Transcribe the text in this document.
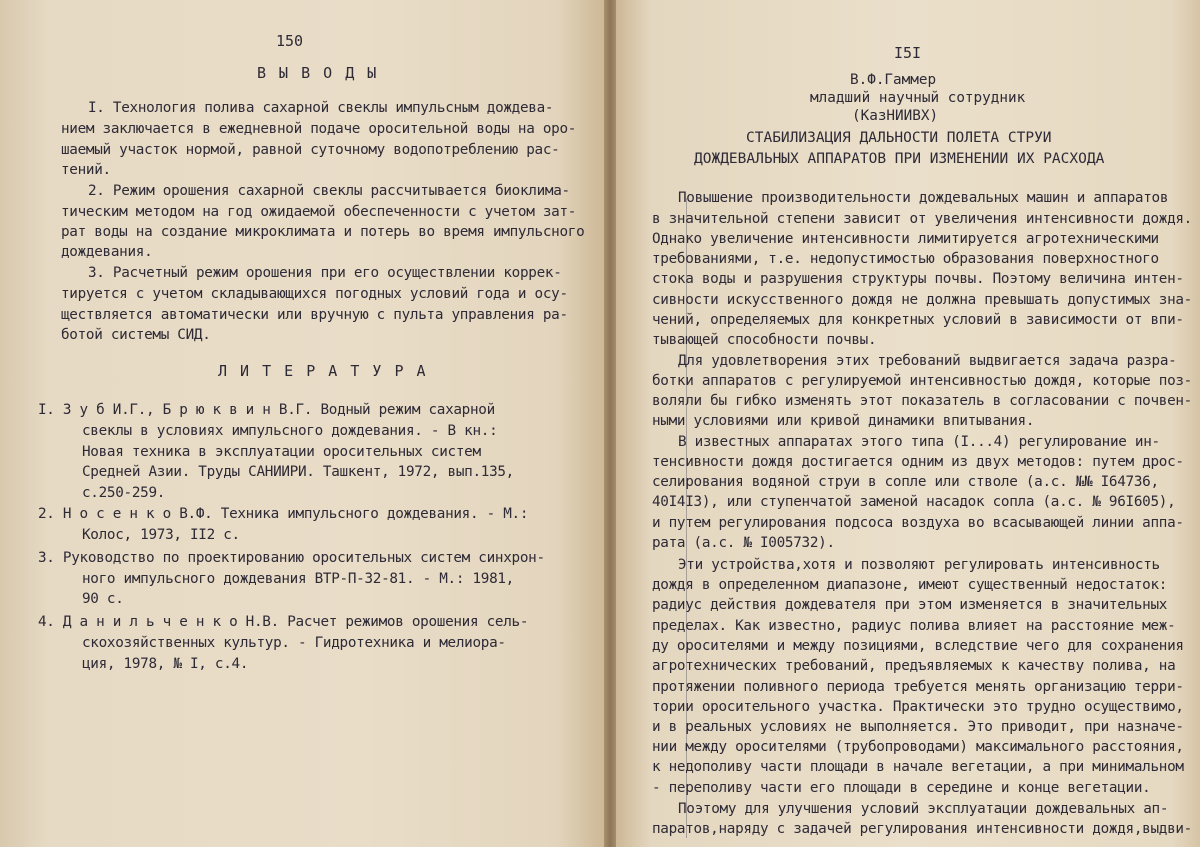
150
В Ы В О Д Ы
I. Технология полива сахарной свеклы импульсным дождева-
нием заключается в ежедневной подаче оросительной воды на оро-
шаемый участок нормой, равной суточному водопотреблению рас-
тений.
2. Режим орошения сахарной свеклы рассчитывается биоклима-
тическим методом на год ожидаемой обеспеченности с учетом зат-
рат воды на создание микроклимата и потерь во время импульсного
дождевания.
3. Расчетный режим орошения при его осуществлении коррек-
тируется с учетом складывающихся погодных условий года и осу-
ществляется автоматически или вручную с пульта управления ра-
ботой системы СИД.
Л И Т Е Р А Т У Р А
I. З у б И.Г., Б р ю к в и н В.Г. Водный режим сахарной
свеклы в условиях импульсного дождевания. - В кн.:
Новая техника в эксплуатации оросительных систем
Средней Азии. Труды САНИИРИ. Ташкент, 1972, вып.135,
с.250-259.
2. Н о с е н к о В.Ф. Техника импульсного дождевания. - М.:
Колос, 1973, II2 с.
3. Руководство по проектированию оросительных систем синхрон-
ного импульсного дождевания ВТР-П-32-81. - М.: 1981,
90 с.
4. Д а н и л ь ч е н к о Н.В. Расчет режимов орошения сель-
скохозяйственных культур. - Гидротехника и мелиора-
ция, 1978, № I, с.4.
I5I
В.Ф.Гаммер
младший научный сотрудник
(КазНИИВХ)
СТАБИЛИЗАЦИЯ ДАЛЬНОСТИ ПОЛЕТА СТРУИ
ДОЖДЕВАЛЬНЫХ АППАРАТОВ ПРИ ИЗМЕНЕНИИ ИХ РАСХОДА
Повышение производительности дождевальных машин и аппаратов
в значительной степени зависит от увеличения интенсивности дождя.
Однако увеличение интенсивности лимитируется агротехническими
требованиями, т.е. недопустимостью образования поверхностного
стока воды и разрушения структуры почвы. Поэтому величина интен-
сивности искусственного дождя не должна превышать допустимых зна-
чений, определяемых для конкретных условий в зависимости от впи-
тывающей способности почвы.
Для удовлетворения этих требований выдвигается задача разра-
ботки аппаратов с регулируемой интенсивностью дождя, которые поз-
воляли бы гибко изменять этот показатель в согласовании с почвен-
ными условиями или кривой динамики впитывания.
В известных аппаратах этого типа (I...4) регулирование ин-
тенсивности дождя достигается одним из двух методов: путем дрос-
селирования водяной струи в сопле или стволе (а.с. №№ I64736,
40I4I3), или ступенчатой заменой насадок сопла (а.с. № 96I605),
и путем регулирования подсоса воздуха во всасывающей линии аппа-
рата (а.с. № I005732).
Эти устройства,хотя и позволяют регулировать интенсивность
дождя в определенном диапазоне, имеют существенный недостаток:
радиус действия дождевателя при этом изменяется в значительных
пределах. Как известно, радиус полива влияет на расстояние меж-
ду оросителями и между позициями, вследствие чего для сохранения
агротехнических требований, предъявляемых к качеству полива, на
протяжении поливного периода требуется менять организацию терри-
тории оросительного участка. Практически это трудно осуществимо,
и в реальных условиях не выполняется. Это приводит, при назначе-
нии между оросителями (трубопроводами) максимального расстояния,
к недополиву части площади в начале вегетации, а при минимальном
- переполиву части его площади в середине и конце вегетации.
Поэтому для улучшения условий эксплуатации дождевальных ап-
паратов,наряду с задачей регулирования интенсивности дождя,выдви-
